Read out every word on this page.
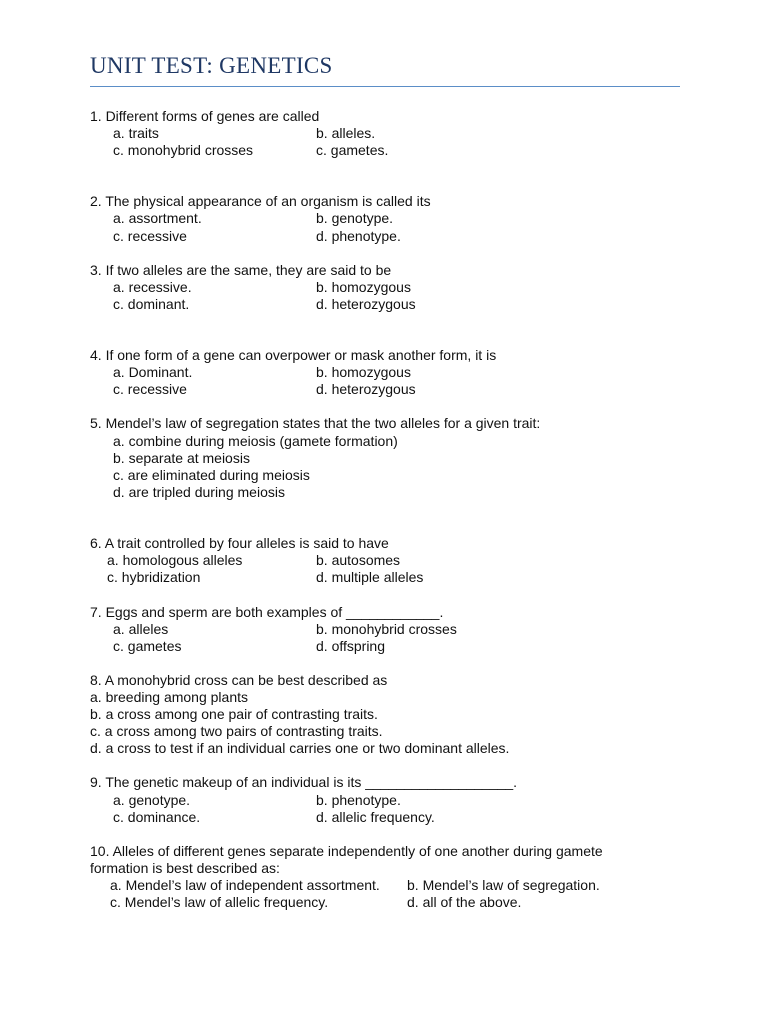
UNIT TEST: GENETICS
1. Different forms of genes are called
a. traits	b. alleles.
c. monohybrid crosses	c. gametes.
2. The physical appearance of an organism is called its
a. assortment.	b. genotype.
c. recessive	d. phenotype.
3. If two alleles are the same, they are said to be
a. recessive.	b. homozygous
c. dominant.	d. heterozygous
4. If one form of a gene can overpower or mask another form, it is
a. Dominant.	b. homozygous
c. recessive	d. heterozygous
5. Mendel’s law of segregation states that the two alleles for a given trait:
a. combine during meiosis (gamete formation)
b. separate at meiosis
c. are eliminated during meiosis
d. are tripled during meiosis
6. A trait controlled by four alleles is said to have
a. homologous alleles	b. autosomes
c. hybridization	d. multiple alleles
7. Eggs and sperm are both examples of ____________.
a. alleles	b. monohybrid crosses
c. gametes	d. offspring
8. A monohybrid cross can be best described as
a. breeding among plants
b. a cross among one pair of contrasting traits.
c. a cross among two pairs of contrasting traits.
d. a cross to test if an individual carries one or two dominant alleles.
9. The genetic makeup of an individual is its ___________________.
a. genotype.	b. phenotype.
c. dominance.	d. allelic frequency.
10. Alleles of different genes separate independently of one another during gamete
formation is best described as:
a. Mendel’s law of independent assortment. b. Mendel’s law of segregation.
c. Mendel’s law of allelic frequency.	d. all of the above.
